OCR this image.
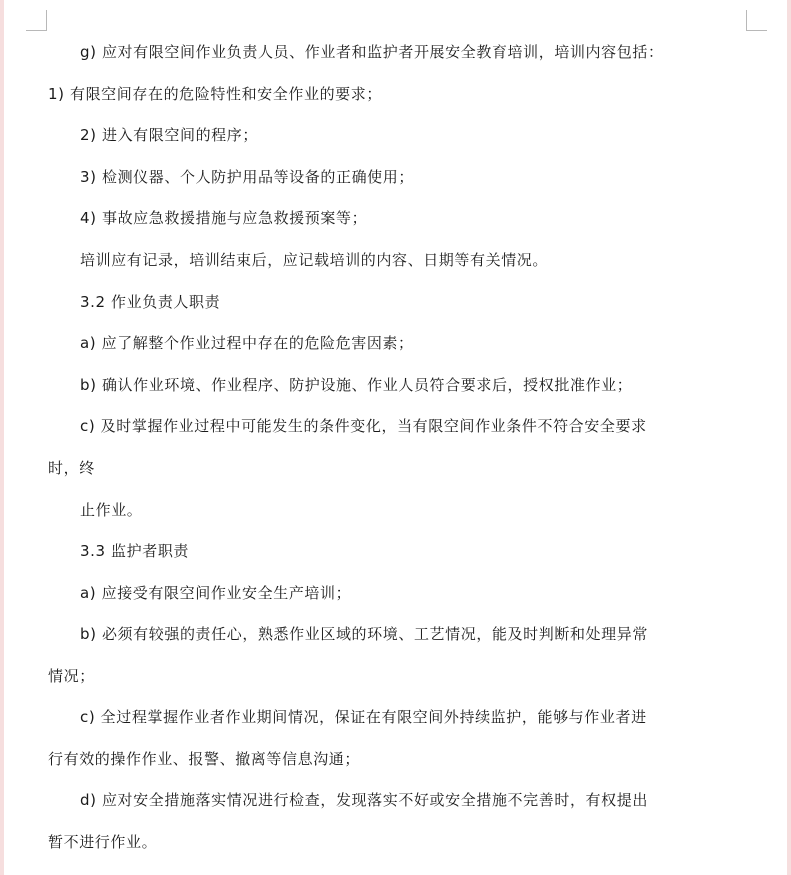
g) 应对有限空间作业负责人员、作业者和监护者开展安全教育培训，培训内容包括：
1) 有限空间存在的危险特性和安全作业的要求；
2) 进入有限空间的程序；
3) 检测仪器、个人防护用品等设备的正确使用；
4) 事故应急救援措施与应急救援预案等；
培训应有记录，培训结束后，应记载培训的内容、日期等有关情况。
3.2 作业负责人职责
a) 应了解整个作业过程中存在的危险危害因素；
b) 确认作业环境、作业程序、防护设施、作业人员符合要求后，授权批准作业；
c) 及时掌握作业过程中可能发生的条件变化，当有限空间作业条件不符合安全要求
时，终
止作业。
3.3 监护者职责
a) 应接受有限空间作业安全生产培训；
b) 必须有较强的责任心，熟悉作业区域的环境、工艺情况，能及时判断和处理异常
情况；
c) 全过程掌握作业者作业期间情况，保证在有限空间外持续监护，能够与作业者进
行有效的操作作业、报警、撤离等信息沟通；
d) 应对安全措施落实情况进行检查，发现落实不好或安全措施不完善时，有权提出
暂不进行作业。
